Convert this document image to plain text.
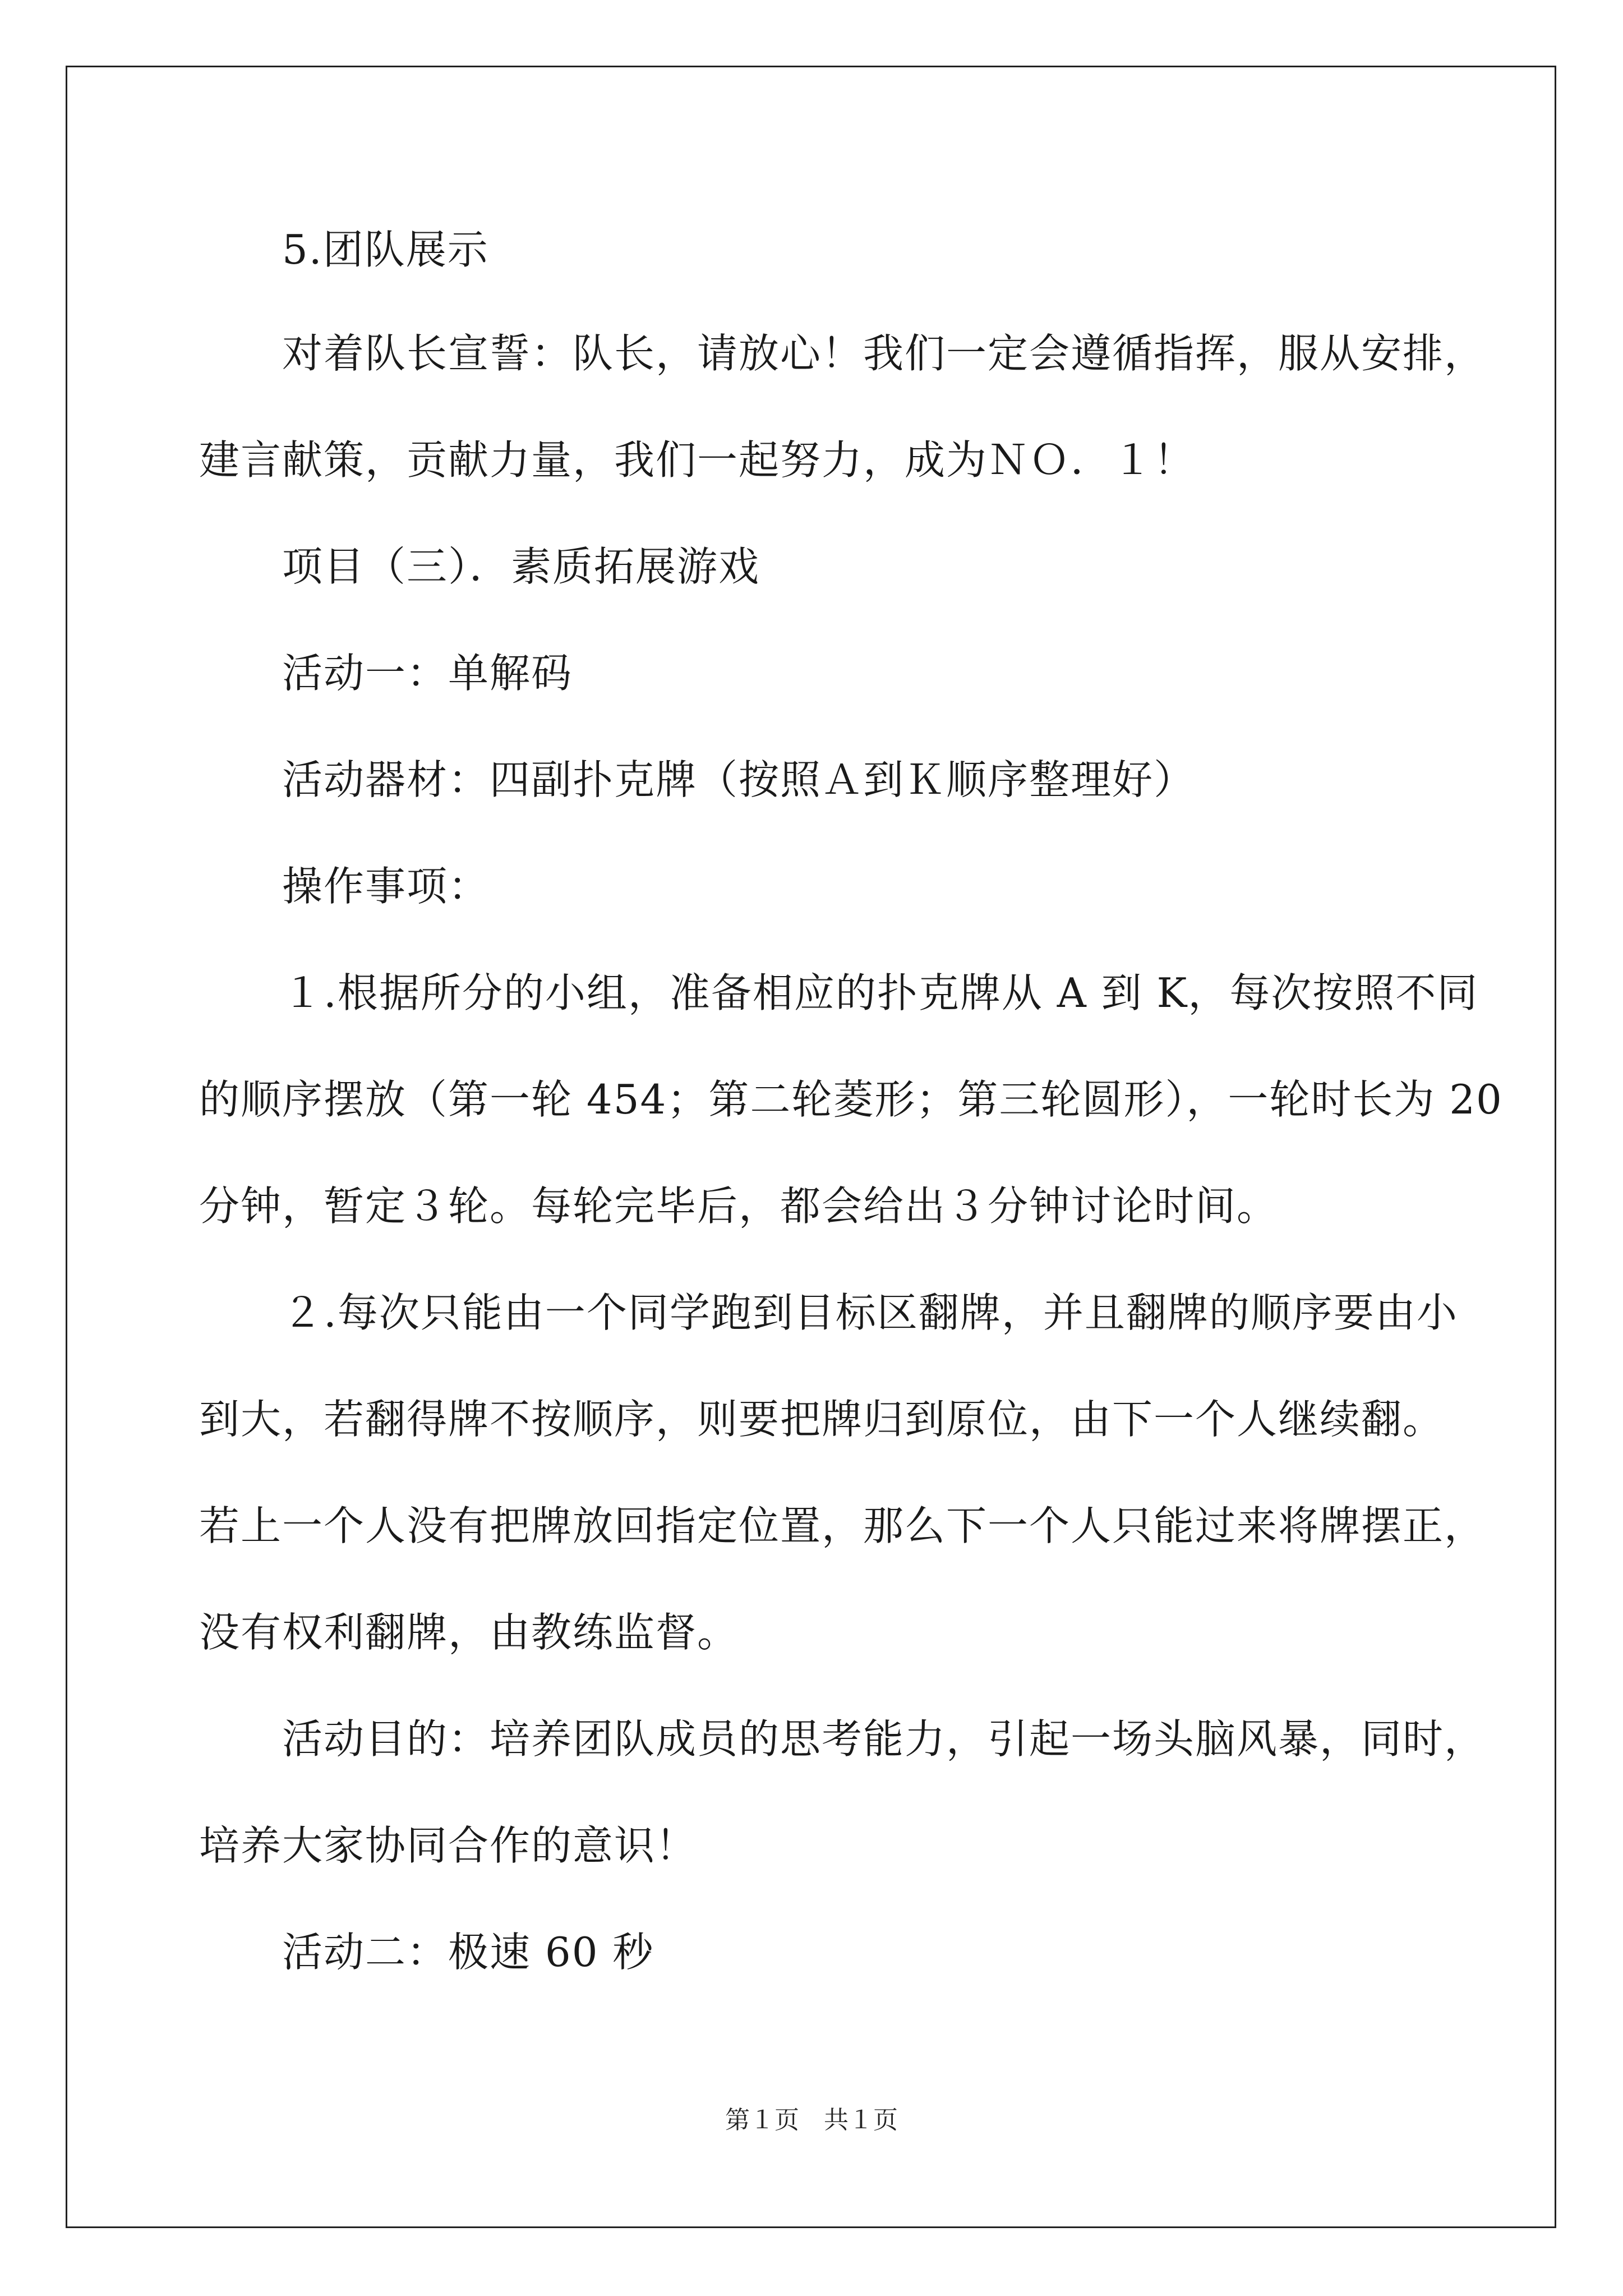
5.团队展示
对着队长宣誓：队长，请放心！我们一定会遵循指挥，服从安排，
建言献策，贡献力量，我们一起努力，成为ＮＯ．１！
项目（三）．素质拓展游戏
活动一：单解码
活动器材：四副扑克牌（按照Ａ到Ｋ顺序整理好）
操作事项：
１.根据所分的小组，准备相应的扑克牌从 A 到 K，每次按照不同
的顺序摆放（第一轮 454；第二轮菱形；第三轮圆形），一轮时长为 20
分钟，暂定３轮。每轮完毕后，都会给出３分钟讨论时间。
２.每次只能由一个同学跑到目标区翻牌，并且翻牌的顺序要由小
到大，若翻得牌不按顺序，则要把牌归到原位，由下一个人继续翻。
若上一个人没有把牌放回指定位置，那么下一个人只能过来将牌摆正，
没有权利翻牌，由教练监督。
活动目的：培养团队成员的思考能力，引起一场头脑风暴，同时，
培养大家协同合作的意识！
活动二：极速 60 秒
第１页　共１页
